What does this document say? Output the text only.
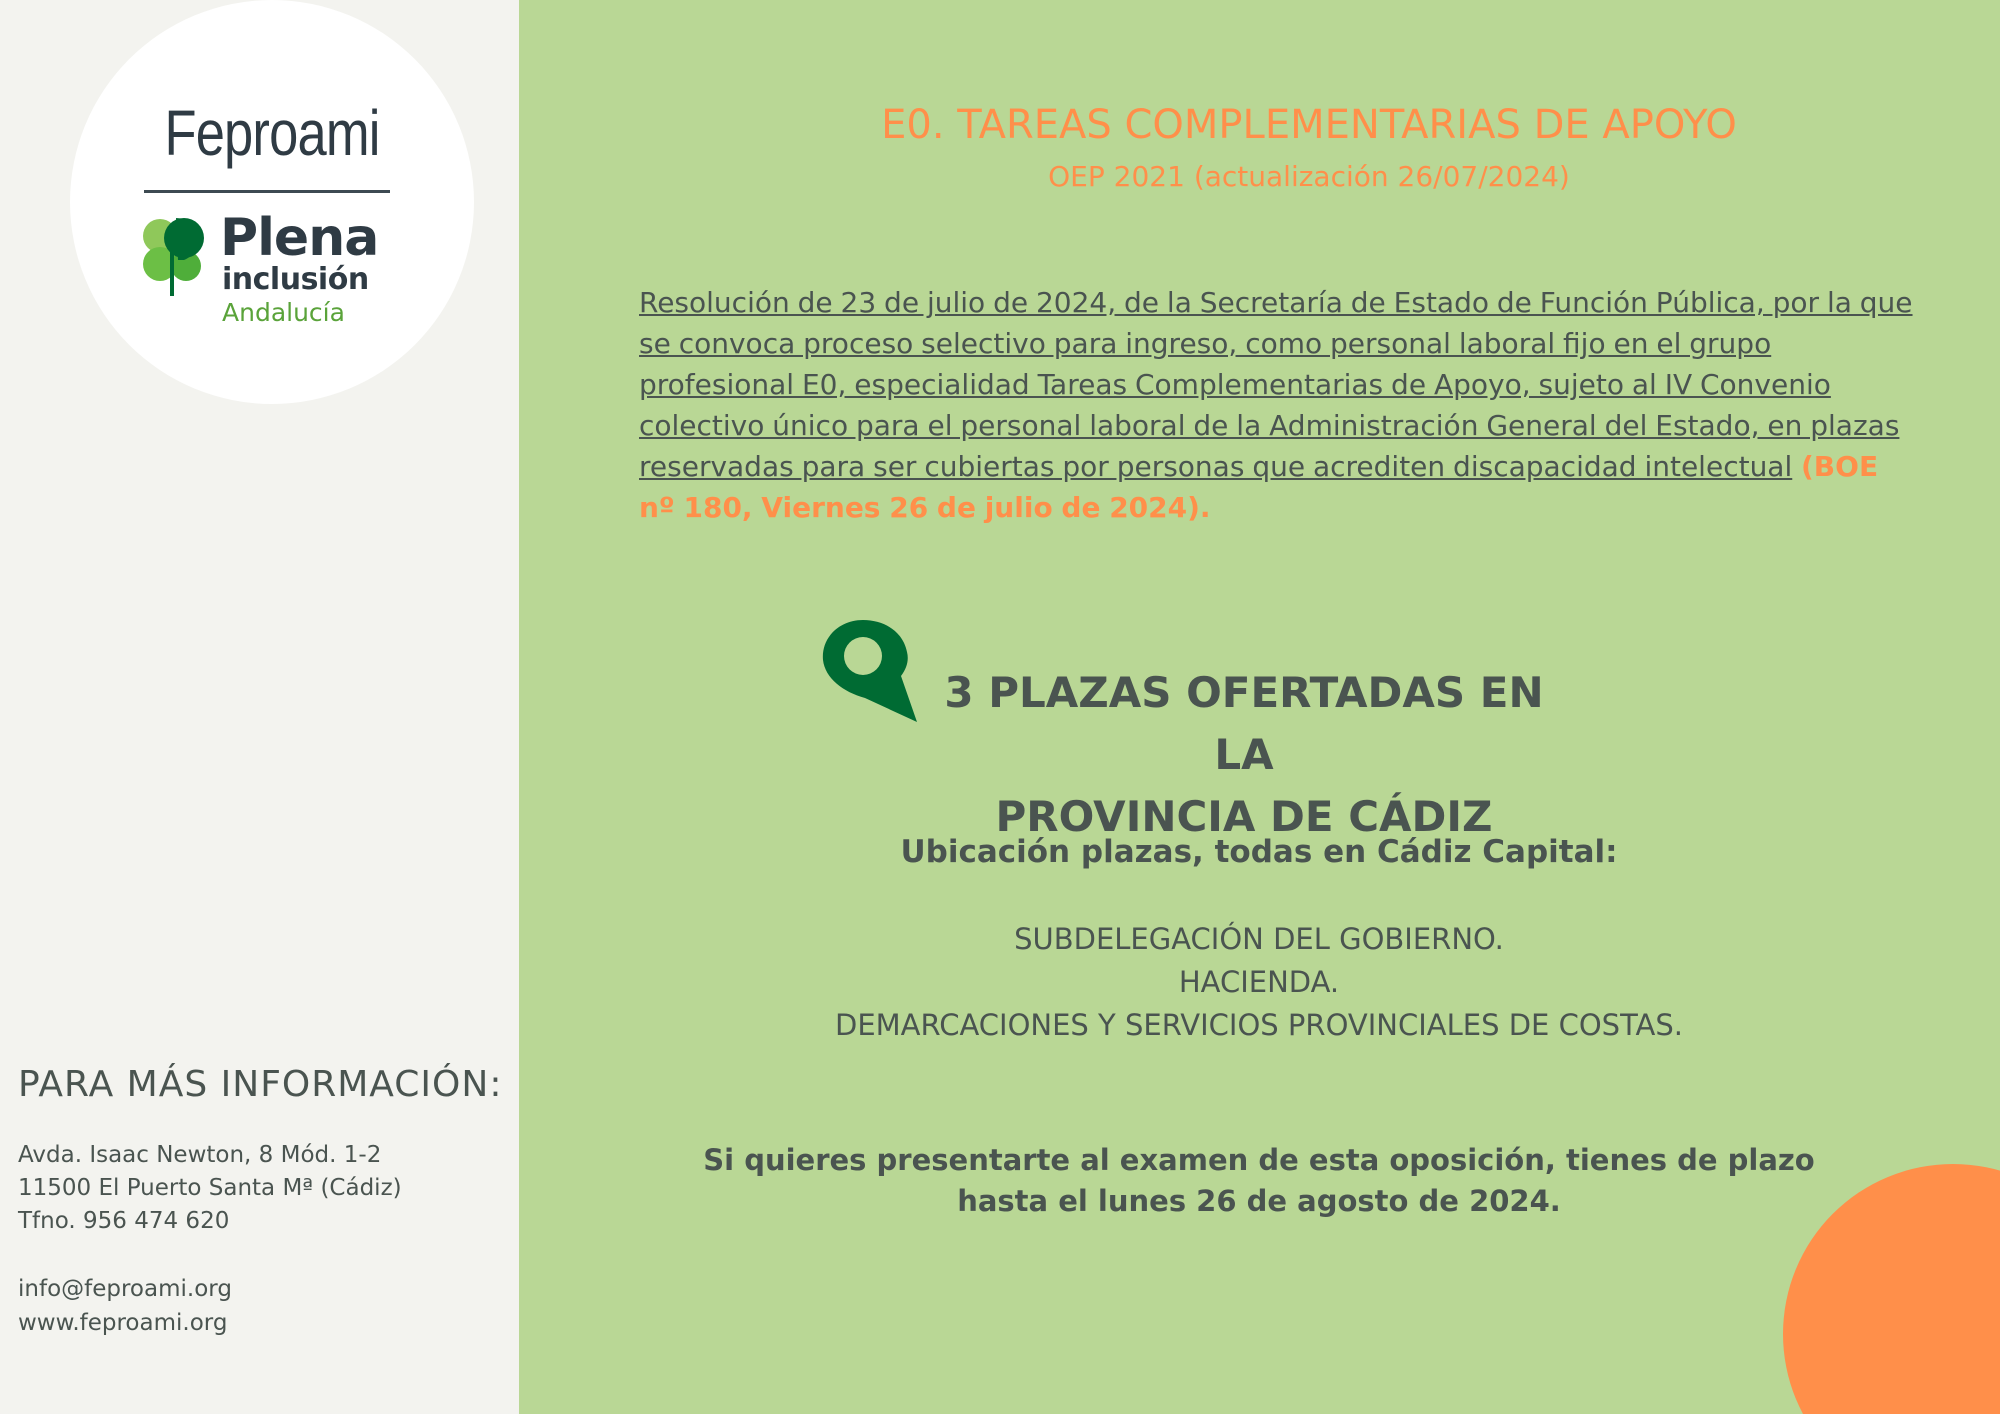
Feproami
Plena
inclusión
Andalucía
PARA MÁS INFORMACIÓN:
Avda. Isaac Newton, 8 Mód. 1-2
11500 El Puerto Santa Mª (Cádiz)
Tfno. 956 474 620
info@feproami.org
www.feproami.org
E0. TAREAS COMPLEMENTARIAS DE APOYO
OEP 2021 (actualización 26/07/2024)
Resolución de 23 de julio de 2024, de la Secretaría de Estado de Función Pública, por la que se convoca proceso selectivo para ingreso, como personal laboral fijo en el grupo profesional E0, especialidad Tareas Complementarias de Apoyo, sujeto al IV Convenio colectivo único para el personal laboral de la Administración General del Estado, en plazas reservadas para ser cubiertas por personas que acrediten discapacidad intelectual (BOE nº 180, Viernes 26 de julio de 2024).
3 PLAZAS OFERTADAS EN LA
PROVINCIA DE CÁDIZ
Ubicación plazas, todas en Cádiz Capital:
SUBDELEGACIÓN DEL GOBIERNO.
HACIENDA.
DEMARCACIONES Y SERVICIOS PROVINCIALES DE COSTAS.
Si quieres presentarte al examen de esta oposición, tienes de plazo
hasta el lunes 26 de agosto de 2024.
